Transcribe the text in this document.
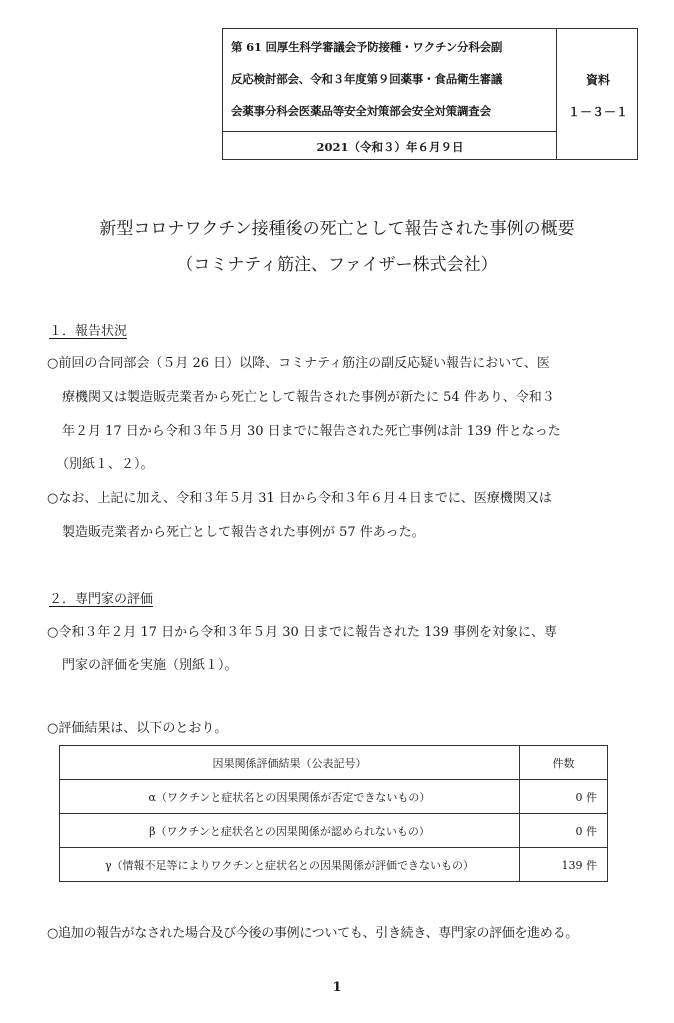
第 61 回厚生科学審議会予防接種・ワクチン分科会副
反応検討部会、令和３年度第９回薬事・食品衛生審議
会薬事分科会医薬品等安全対策部会安全対策調査会
2021（令和３）年６月９日
資料
１－３－１
新型コロナワクチン接種後の死亡として報告された事例の概要
（コミナティ筋注、ファイザー株式会社）
１．報告状況
○前回の合同部会（５月 26 日）以降、コミナティ筋注の副反応疑い報告において、医
療機関又は製造販売業者から死亡として報告された事例が新たに 54 件あり、令和３
年２月 17 日から令和３年５月 30 日までに報告された死亡事例は計 139 件となった
（別紙１、２）。
○なお、上記に加え、令和３年５月 31 日から令和３年６月４日までに、医療機関又は
製造販売業者から死亡として報告された事例が 57 件あった。
２．専門家の評価
○令和３年２月 17 日から令和３年５月 30 日までに報告された 139 事例を対象に、専
門家の評価を実施（別紙１）。
○評価結果は、以下のとおり。
因果関係評価結果（公表記号）	件数
α（ワクチンと症状名との因果関係が否定できないもの）	0 件
β（ワクチンと症状名との因果関係が認められないもの）	0 件
γ（情報不足等によりワクチンと症状名との因果関係が評価できないもの）	139 件
○追加の報告がなされた場合及び今後の事例についても、引き続き、専門家の評価を進める。
1
